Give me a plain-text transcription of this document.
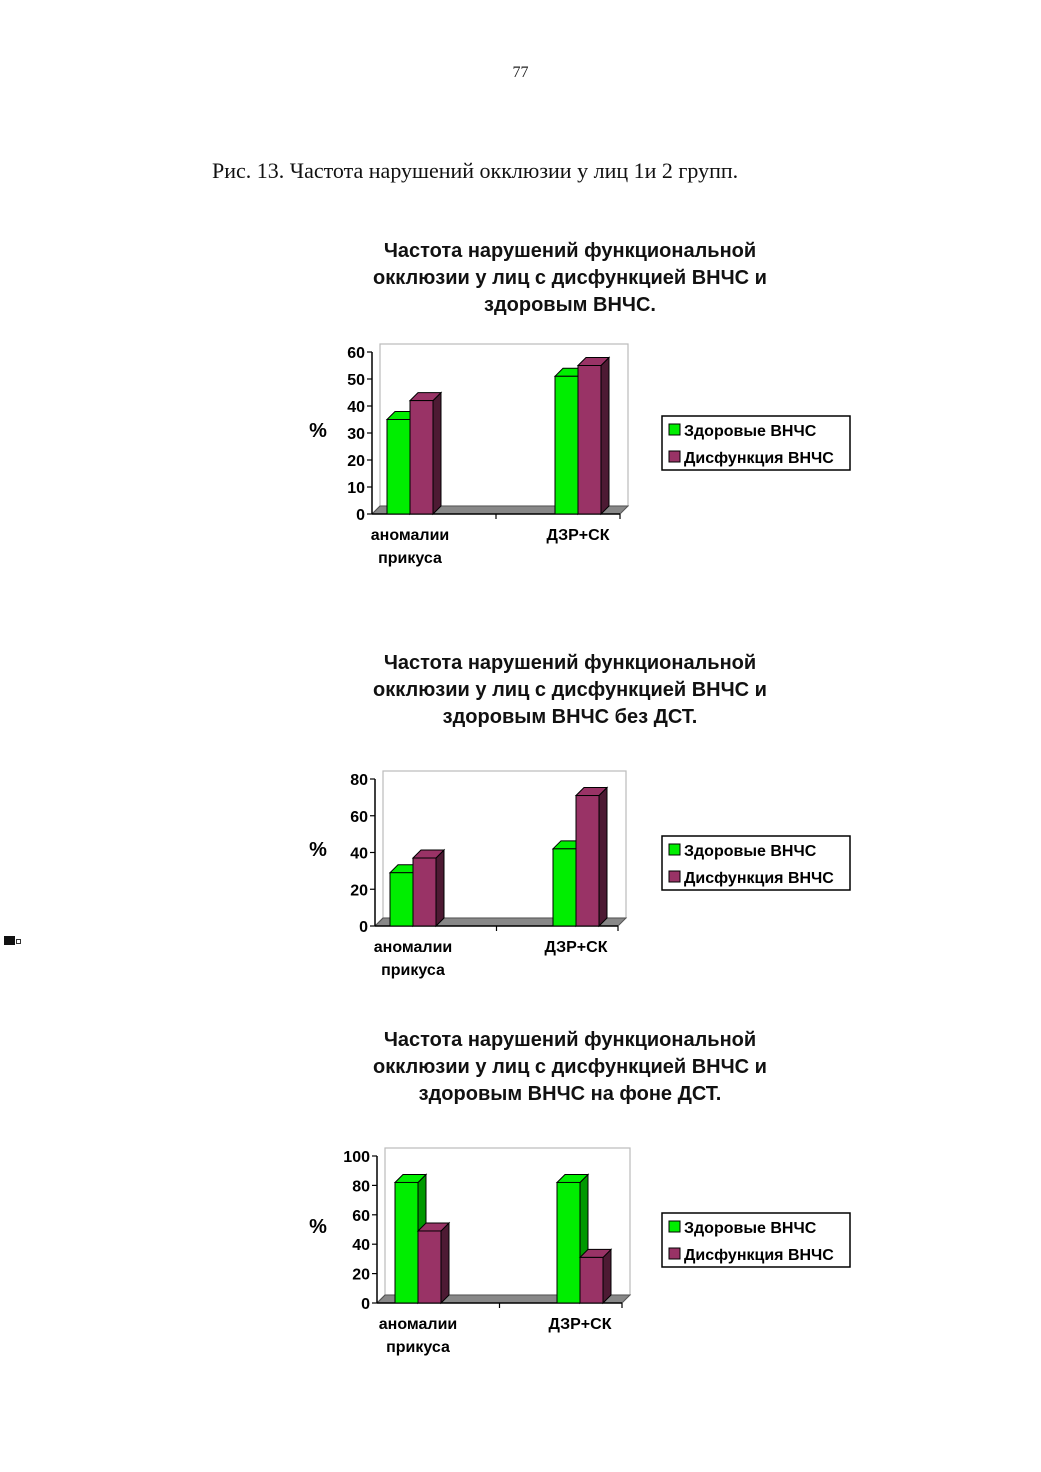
77
Рис. 13. Частота нарушений окклюзии у лиц 1и 2 групп.
Частота нарушений функциональной
окклюзии у лиц с дисфункцией ВНЧС и
здоровым ВНЧС.
0
10
20
30
40
50
60
%
аномалии
прикуса
ДЗР+СК
Здоровые ВНЧС
Дисфункция ВНЧС
Частота нарушений функциональной
окклюзии у лиц с дисфункцией ВНЧС и
здоровым ВНЧС без ДСТ.
0
20
40
60
80
%
аномалии
прикуса
ДЗР+СК
Здоровые ВНЧС
Дисфункция ВНЧС
Частота нарушений функциональной
окклюзии у лиц с дисфункцией ВНЧС и
здоровым ВНЧС на фоне ДСТ.
0
20
40
60
80
100
%
аномалии
прикуса
ДЗР+СК
Здоровые ВНЧС
Дисфункция ВНЧС
